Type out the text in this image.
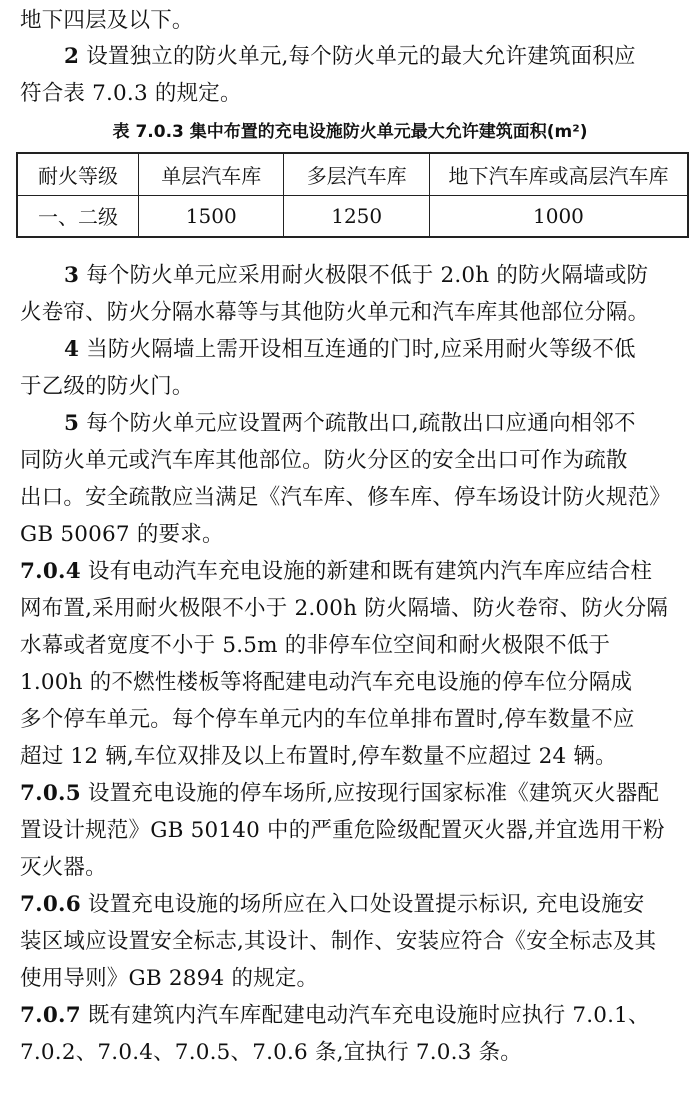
地下四层及以下。
2 设置独立的防火单元,每个防火单元的最大允许建筑面积应
符合表 7.0.3 的规定。
表 7.0.3 集中布置的充电设施防火单元最大允许建筑面积(m²)
耐火等级	单层汽车库	多层汽车库	地下汽车库或高层汽车库
一、二级	1500	1250	1000
3 每个防火单元应采用耐火极限不低于 2.0h 的防火隔墙或防
火卷帘、防火分隔水幕等与其他防火单元和汽车库其他部位分隔。
4 当防火隔墙上需开设相互连通的门时,应采用耐火等级不低
于乙级的防火门。
5 每个防火单元应设置两个疏散出口,疏散出口应通向相邻不
同防火单元或汽车库其他部位。防火分区的安全出口可作为疏散
出口。安全疏散应当满足《汽车库、修车库、停车场设计防火规范》
GB 50067 的要求。
7.0.4 设有电动汽车充电设施的新建和既有建筑内汽车库应结合柱
网布置,采用耐火极限不小于 2.00h 防火隔墙、防火卷帘、防火分隔
水幕或者宽度不小于 5.5m 的非停车位空间和耐火极限不低于
1.00h 的不燃性楼板等将配建电动汽车充电设施的停车位分隔成
多个停车单元。每个停车单元内的车位单排布置时,停车数量不应
超过 12 辆,车位双排及以上布置时,停车数量不应超过 24 辆。
7.0.5 设置充电设施的停车场所,应按现行国家标准《建筑灭火器配
置设计规范》GB 50140 中的严重危险级配置灭火器,并宜选用干粉
灭火器。
7.0.6 设置充电设施的场所应在入口处设置提示标识, 充电设施安
装区域应设置安全标志,其设计、制作、安装应符合《安全标志及其
使用导则》GB 2894 的规定。
7.0.7 既有建筑内汽车库配建电动汽车充电设施时应执行 7.0.1、
7.0.2、7.0.4、7.0.5、7.0.6 条,宜执行 7.0.3 条。
